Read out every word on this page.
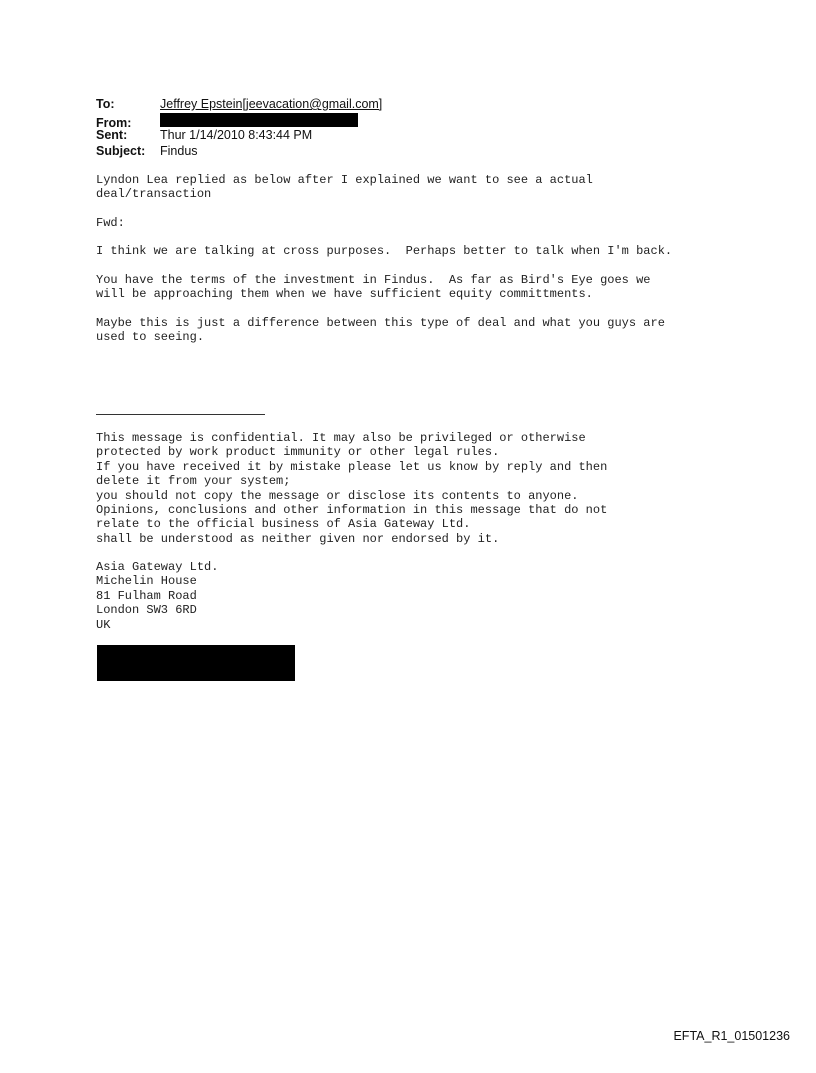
To:	Jeffrey Epstein[jeevacation@gmail.com]
From:
Sent:	Thur 1/14/2010 8:43:44 PM
Subject:	Findus
Lyndon Lea replied as below after I explained we want to see a actual
deal/transaction
Fwd:
I think we are talking at cross purposes.  Perhaps better to talk when I'm back.
You have the terms of the investment in Findus.  As far as Bird's Eye goes we
will be approaching them when we have sufficient equity committments.
Maybe this is just a difference between this type of deal and what you guys are
used to seeing.
This message is confidential. It may also be privileged or otherwise
protected by work product immunity or other legal rules.
If you have received it by mistake please let us know by reply and then
delete it from your system;
you should not copy the message or disclose its contents to anyone.
Opinions, conclusions and other information in this message that do not
relate to the official business of Asia Gateway Ltd.
shall be understood as neither given nor endorsed by it.
Asia Gateway Ltd.
Michelin House
81 Fulham Road
London SW3 6RD
UK
EFTA_R1_01501236
